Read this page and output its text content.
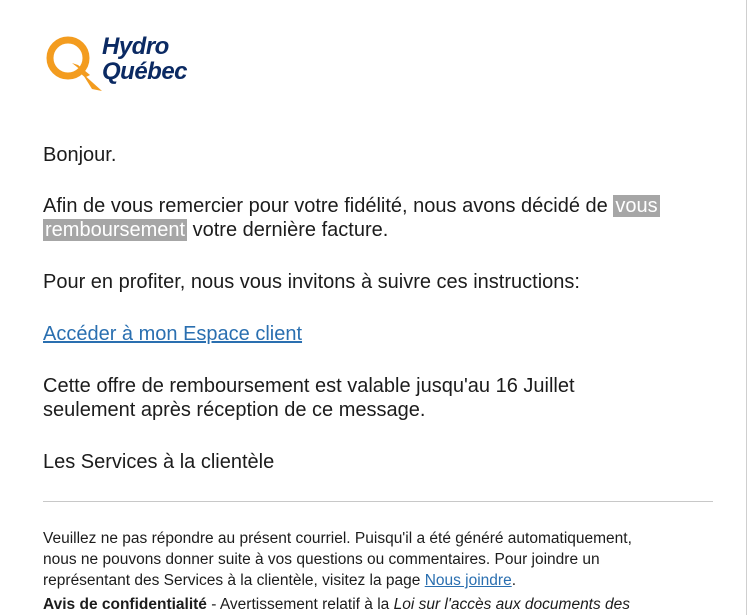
Hydro
Québec
Bonjour.
Afin de vous remercier pour votre fidélité, nous avons décidé de vous
remboursement votre dernière facture.
Pour en profiter, nous vous invitons à suivre ces instructions:
Accéder à mon Espace client
Cette offre de remboursement est valable jusqu'au 16 Juillet
seulement après réception de ce message.
Les Services à la clientèle
Veuillez ne pas répondre au présent courriel. Puisqu'il a été généré automatiquement,
nous ne pouvons donner suite à vos questions ou commentaires. Pour joindre un
représentant des Services à la clientèle, visitez la page Nous joindre.
Avis de confidentialité - Avertissement relatif à la Loi sur l'accès aux documents des
